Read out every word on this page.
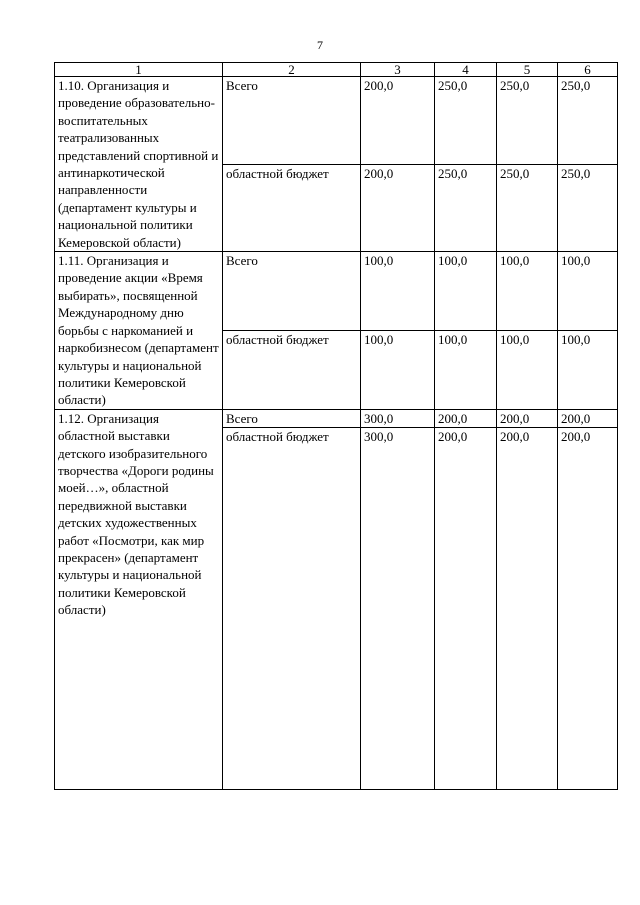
7
1	2	3	4	5	6
1.10. Организация и проведение образовательно-воспитательных театрализованных представлений спортивной и антинаркотической направленности (департамент культуры и национальной политики Кемеровской области)	Всего	200,0	250,0	250,0	250,0
	областной бюджет	200,0	250,0	250,0	250,0
1.11. Организация и проведение акции «Время выбирать», посвященной Международному дню борьбы с наркоманией и наркобизнесом (департамент культуры и национальной политики Кемеровской области)	Всего	100,0	100,0	100,0	100,0
	областной бюджет	100,0	100,0	100,0	100,0
1.12. Организация областной выставки детского изобразительного творчества «Дороги родины моей…», областной передвижной выставки детских художественных работ «Посмотри, как мир прекрасен» (департамент культуры и национальной политики Кемеровской области)	Всего	300,0	200,0	200,0	200,0
	областной бюджет	300,0	200,0	200,0	200,0
